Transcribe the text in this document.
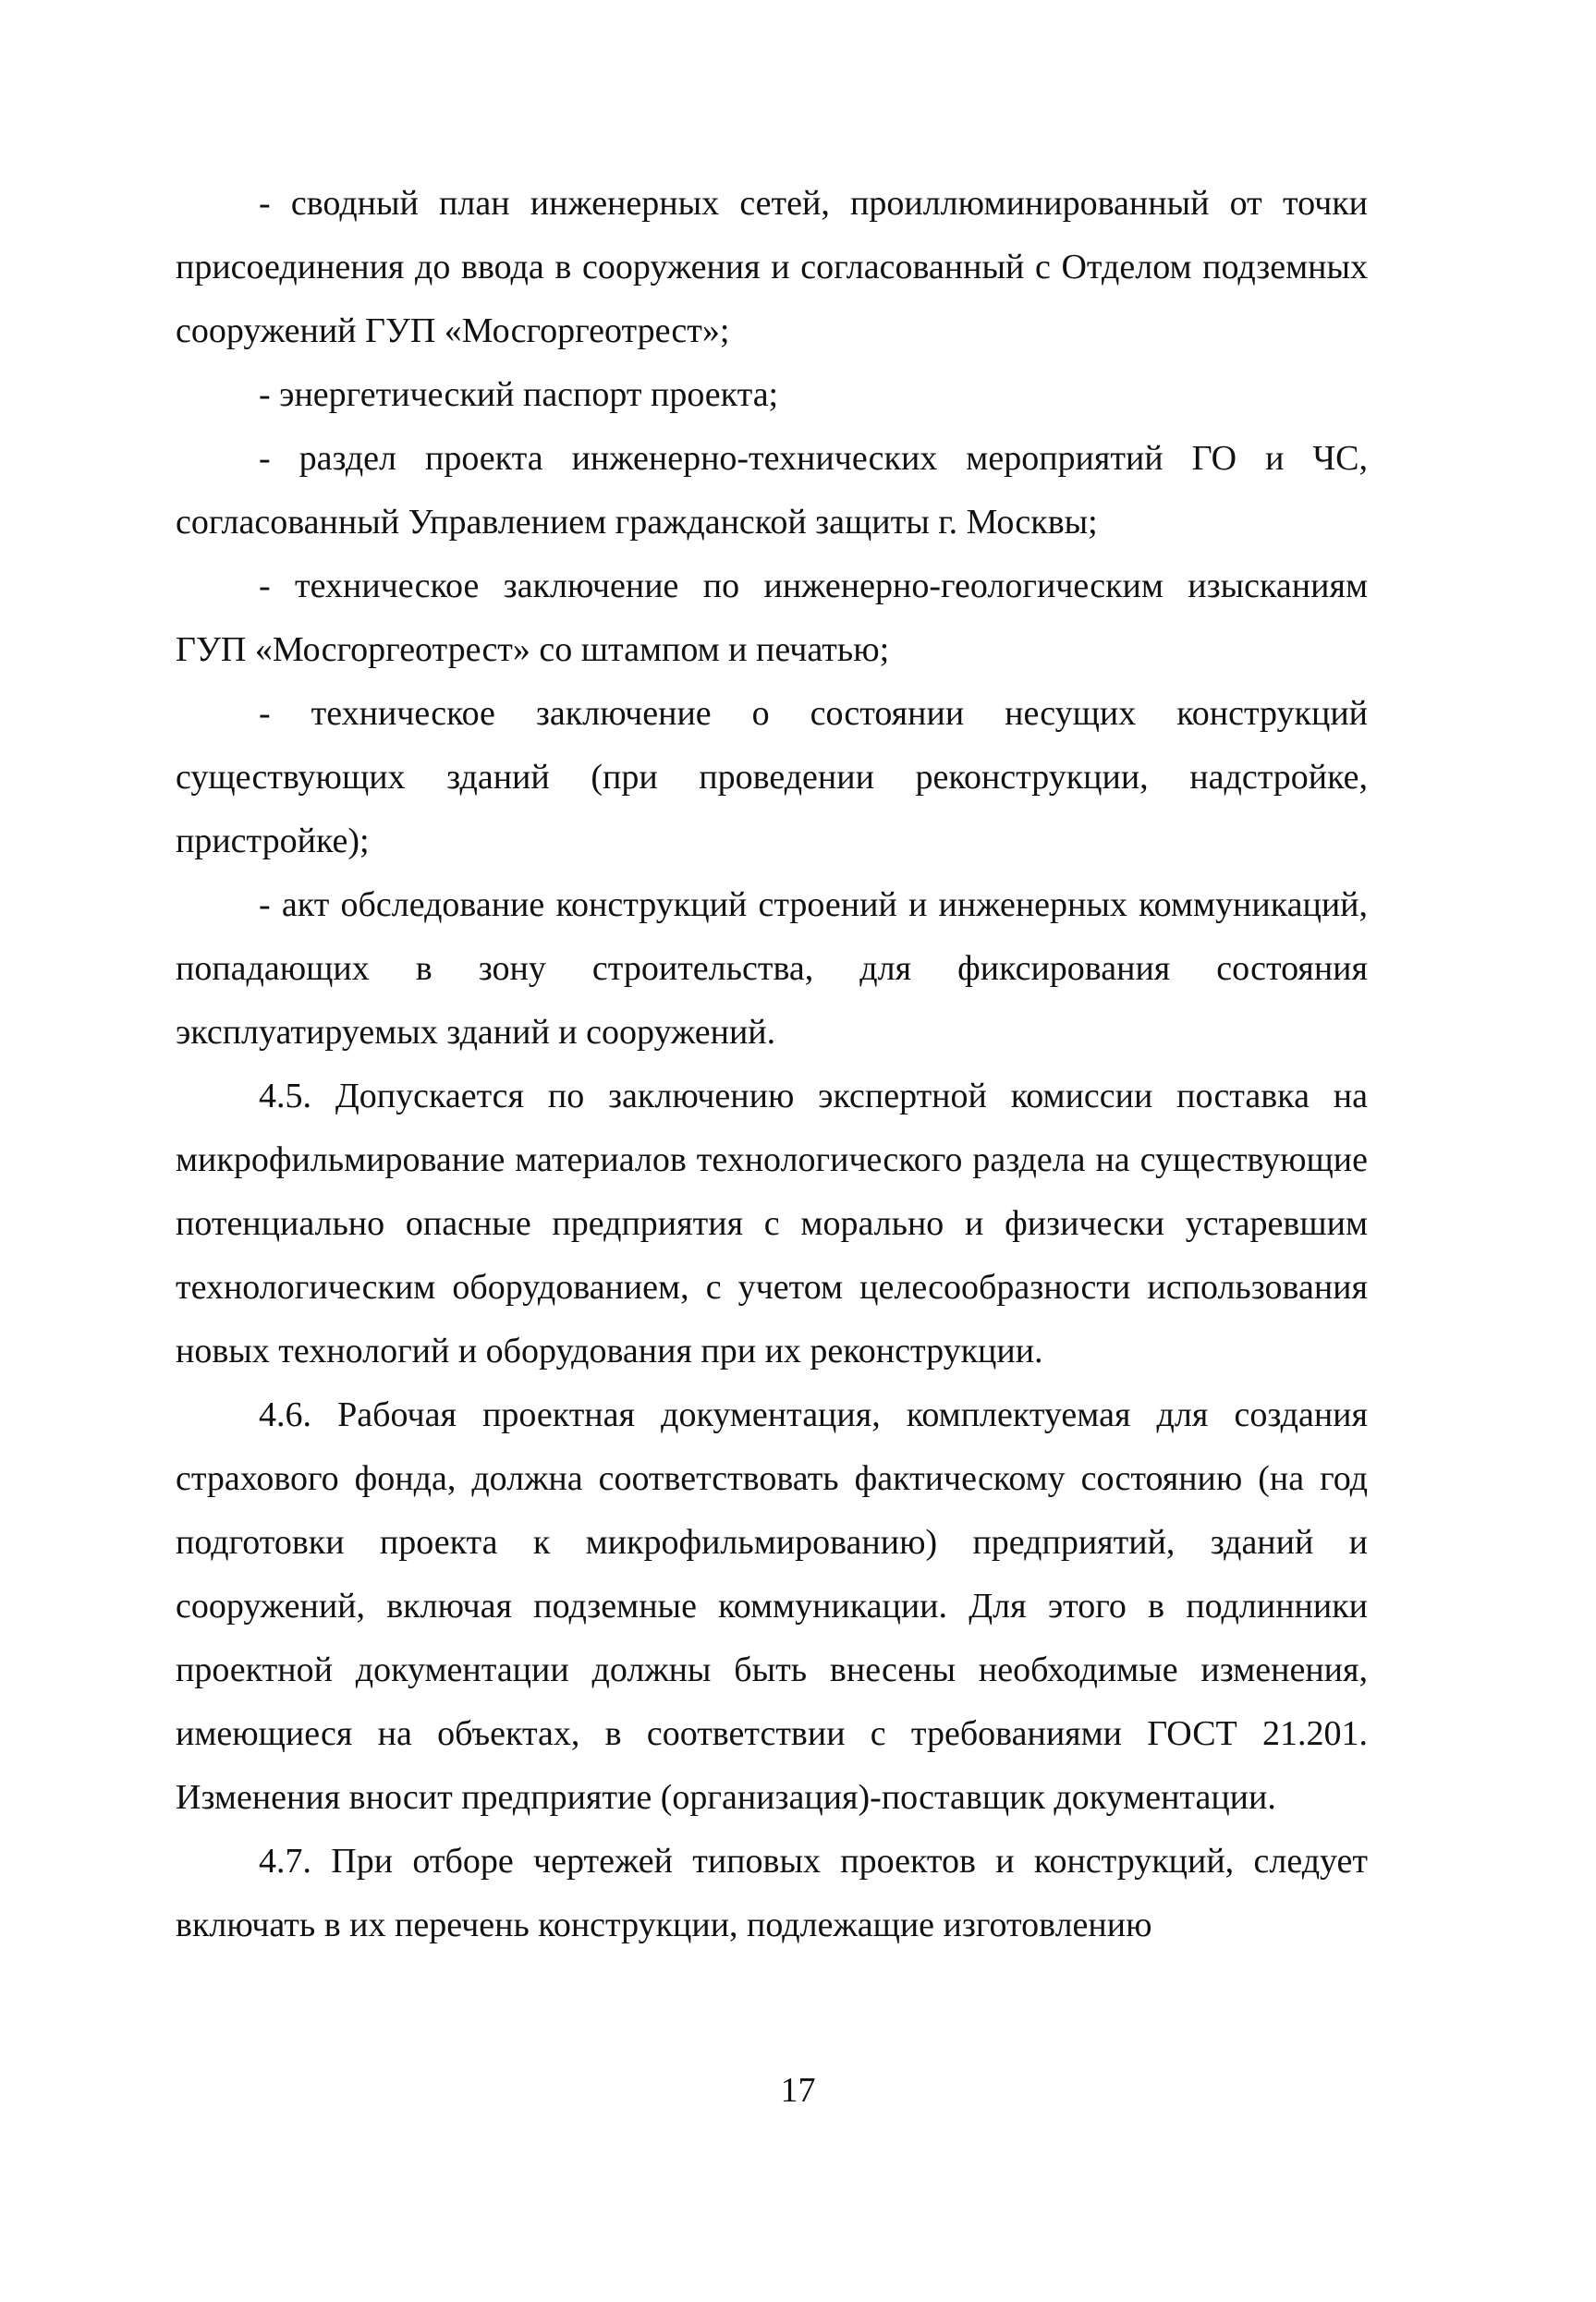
- сводный план инженерных сетей, проиллюминированный от точки присоединения до ввода в сооружения и согласованный с Отделом подземных сооружений ГУП «Мосгоргеотрест»;

- энергетический паспорт проекта;

- раздел проекта инженерно-технических мероприятий ГО и ЧС, согласованный Управлением гражданской защиты г. Москвы;

- техническое заключение по инженерно-геологическим изысканиям ГУП «Мосгоргеотрест» со штампом и печатью;

- техническое заключение о состоянии несущих конструкций существующих зданий (при проведении реконструкции, надстройке, пристройке);

- акт обследование конструкций строений и инженерных коммуникаций, попадающих в зону строительства, для фиксирования состояния эксплуатируемых зданий и сооружений.

4.5. Допускается по заключению экспертной комиссии поставка на микрофильмирование материалов технологического раздела на существующие потенциально опасные предприятия с морально и физически устаревшим технологическим оборудованием, с учетом целесообразности использования новых технологий и оборудования при их реконструкции.

4.6. Рабочая проектная документация, комплектуемая для создания страхового фонда, должна соответствовать фактическому состоянию (на год подготовки проекта к микрофильмированию) предприятий, зданий и сооружений, включая подземные коммуникации. Для этого в подлинники проектной документации должны быть внесены необходимые изменения, имеющиеся на объектах, в соответствии с требованиями ГОСТ 21.201. Изменения вносит предприятие (организация)-поставщик документации.

4.7. При отборе чертежей типовых проектов и конструкций, следует включать в их перечень конструкции, подлежащие изготовлению

17
